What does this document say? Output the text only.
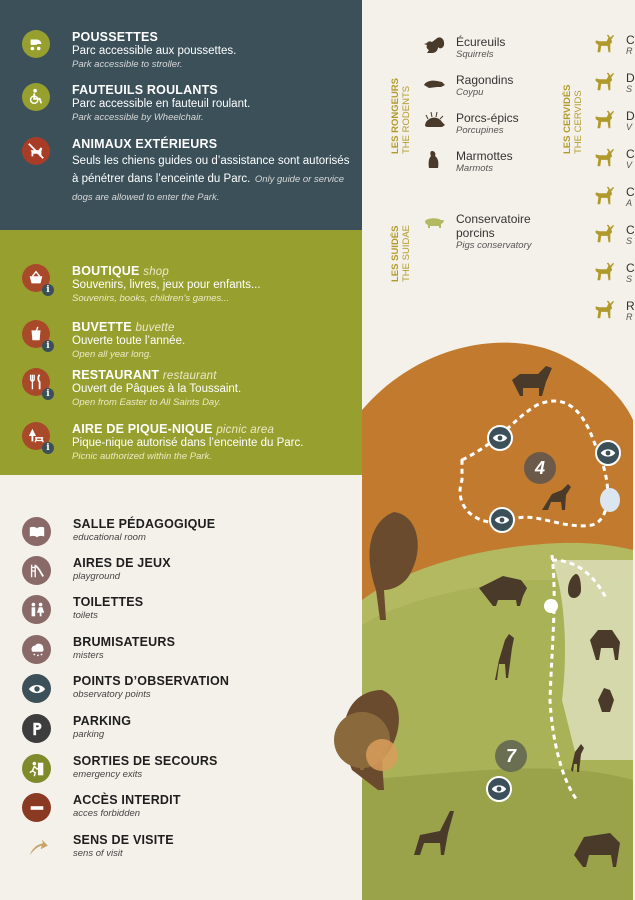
POUSSETTES
Parc accessible aux poussettes.
Park accessible to stroller.
FAUTEUILS ROULANTS
Parc accessible en fauteuil roulant.
Park accessible by Wheelchair.
ANIMAUX EXTÉRIEURS
Seuls les chiens guides ou d’assistance sont autorisés à pénétrer dans l’enceinte du Parc. Only guide or service dogs are allowed to enter the Park.
i
BOUTIQUE shop
Souvenirs, livres, jeux pour enfants...
Souvenirs, books, children’s games...
i
BUVETTE buvette
Ouverte toute l’année.
Open all year long.
i
RESTAURANT restaurant
Ouvert de Pâques à la Toussaint.
Open from Easter to All Saints Day.
i
AIRE DE PIQUE-NIQUE picnic area
Pique-nique autorisé dans l’enceinte du Parc.
Picnic authorized within the Park.
SALLE PÉDAGOGIQUE
educational room
AIRES DE JEUX
playground
TOILETTES
toilets
BRUMISATEURS
misters
POINTS D’OBSERVATION
observatory points
PARKING
parking
SORTIES DE SECOURS
emergency exits
ACCÈS INTERDIT
acces forbidden
SENS DE VISITE
sens of visit
LES RONGEURS THE RODENTS
LES SUIDÉS THE SUIDAE
LES CERVIDÉS THE CERVIDS
Écureuils
Squirrels
Ragondins
Coypu
Porcs-épics
Porcupines
Marmottes
Marmots
Conservatoire porcins
Pigs conservatory
C
R
D
S
D
V
C
V
C
A
C
S
C
S
R
R
4
7
